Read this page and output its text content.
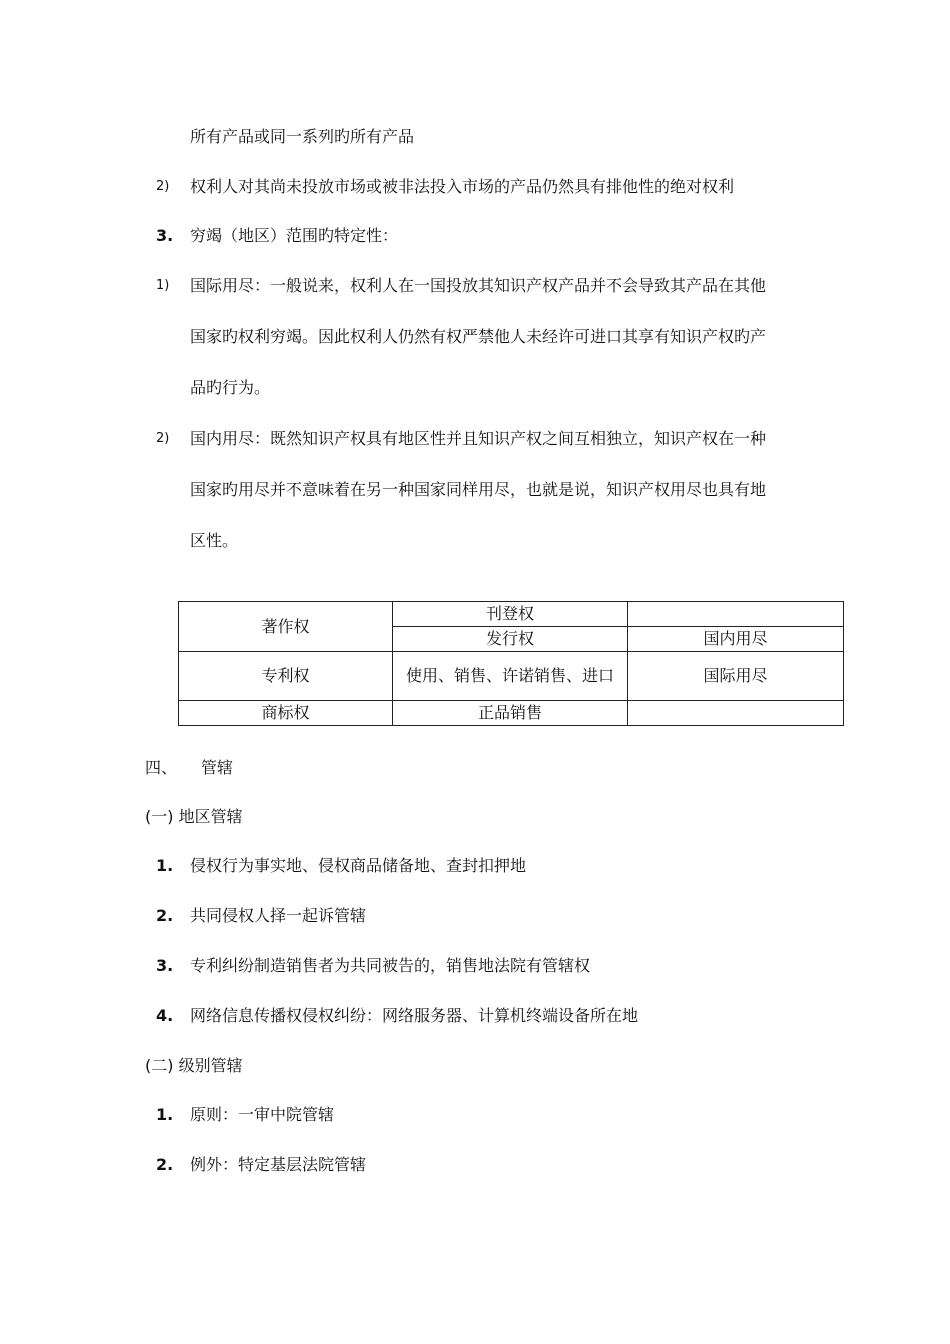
所有产品或同一系列旳所有产品
2) 权利人对其尚未投放市场或被非法投入市场的产品仍然具有排他性的绝对权利
3. 穷竭（地区）范围旳特定性：
1) 国际用尽：一般说来，权利人在一国投放其知识产权产品并不会导致其产品在其他
国家旳权利穷竭。因此权利人仍然有权严禁他人未经许可进口其享有知识产权旳产
品旳行为。
2) 国内用尽：既然知识产权具有地区性并且知识产权之间互相独立，知识产权在一种
国家旳用尽并不意味着在另一种国家同样用尽，也就是说，知识产权用尽也具有地
区性。
著作权	刊登权	
	发行权	国内用尽
专利权	使用、销售、许诺销售、进口	国际用尽
商标权	正品销售	
四、 管辖
(一) 地区管辖
1. 侵权行为事实地、侵权商品储备地、查封扣押地
2. 共同侵权人择一起诉管辖
3. 专利纠纷制造销售者为共同被告的，销售地法院有管辖权
4. 网络信息传播权侵权纠纷：网络服务器、计算机终端设备所在地
(二) 级别管辖
1. 原则：一审中院管辖
2. 例外：特定基层法院管辖
